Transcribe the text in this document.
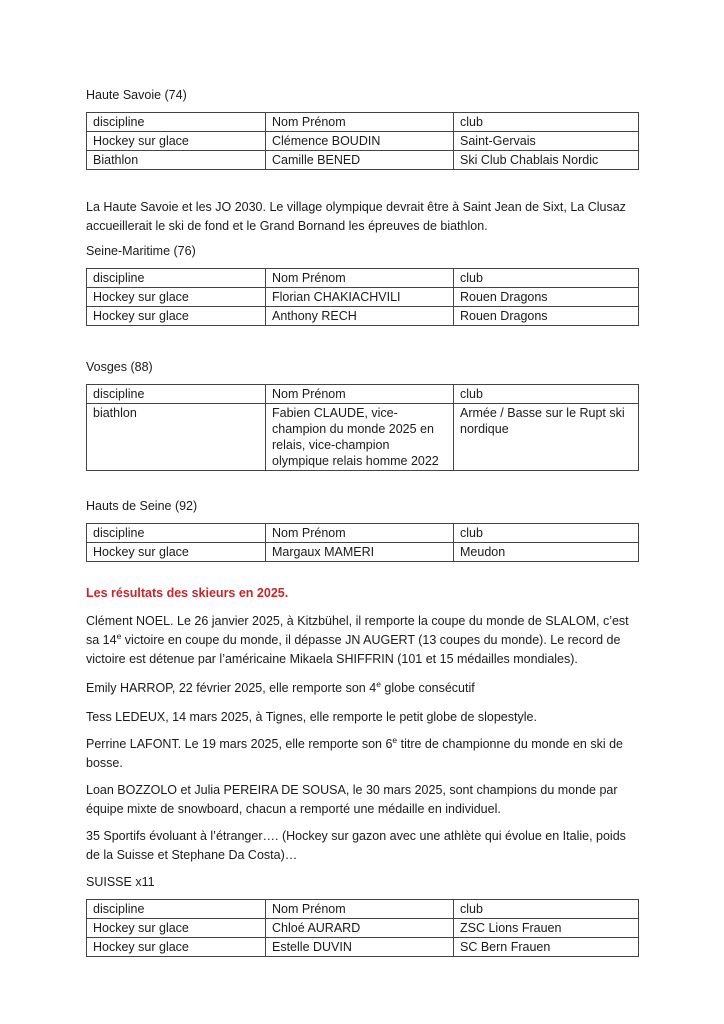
Haute Savoie (74)
discipline	Nom Prénom	club
Hockey sur glace	Clémence BOUDIN	Saint-Gervais
Biathlon	Camille BENED	Ski Club Chablais Nordic

La Haute Savoie et les JO 2030. Le village olympique devrait être à Saint Jean de Sixt, La Clusaz accueillerait le ski de fond et le Grand Bornand les épreuves de biathlon.

Seine-Maritime (76)
discipline	Nom Prénom	club
Hockey sur glace	Florian CHAKIACHVILI	Rouen Dragons
Hockey sur glace	Anthony RECH	Rouen Dragons
Vosges (88)
discipline	Nom Prénom	club
biathlon	Fabien CLAUDE, vice-champion du monde 2025 en relais, vice-champion olympique relais homme 2022	Armée / Basse sur le Rupt ski nordique
Hauts de Seine (92)
discipline	Nom Prénom	club
Hockey sur glace	Margaux MAMERI	Meudon
Les résultats des skieurs en 2025.

Clément NOEL. Le 26 janvier 2025, à Kitzbühel, il remporte la coupe du monde de SLALOM, c’est sa 14e victoire en coupe du monde, il dépasse JN AUGERT (13 coupes du monde). Le record de victoire est détenue par l’américaine Mikaela SHIFFRIN (101 et 15 médailles mondiales).

Emily HARROP, 22 février 2025, elle remporte son 4e globe consécutif

Tess LEDEUX, 14 mars 2025, à Tignes, elle remporte le petit globe de slopestyle.

Perrine LAFONT. Le 19 mars 2025, elle remporte son 6e titre de championne du monde en ski de bosse.

Loan BOZZOLO et Julia PEREIRA DE SOUSA, le 30 mars 2025, sont champions du monde par équipe mixte de snowboard, chacun a remporté une médaille en individuel.

35 Sportifs évoluant à l’étranger…. (Hockey sur gazon avec une athlète qui évolue en Italie, poids de la Suisse et Stephane Da Costa)…

SUISSE x11
discipline	Nom Prénom	club
Hockey sur glace	Chloé AURARD	ZSC Lions Frauen
Hockey sur glace	Estelle DUVIN	SC Bern Frauen
